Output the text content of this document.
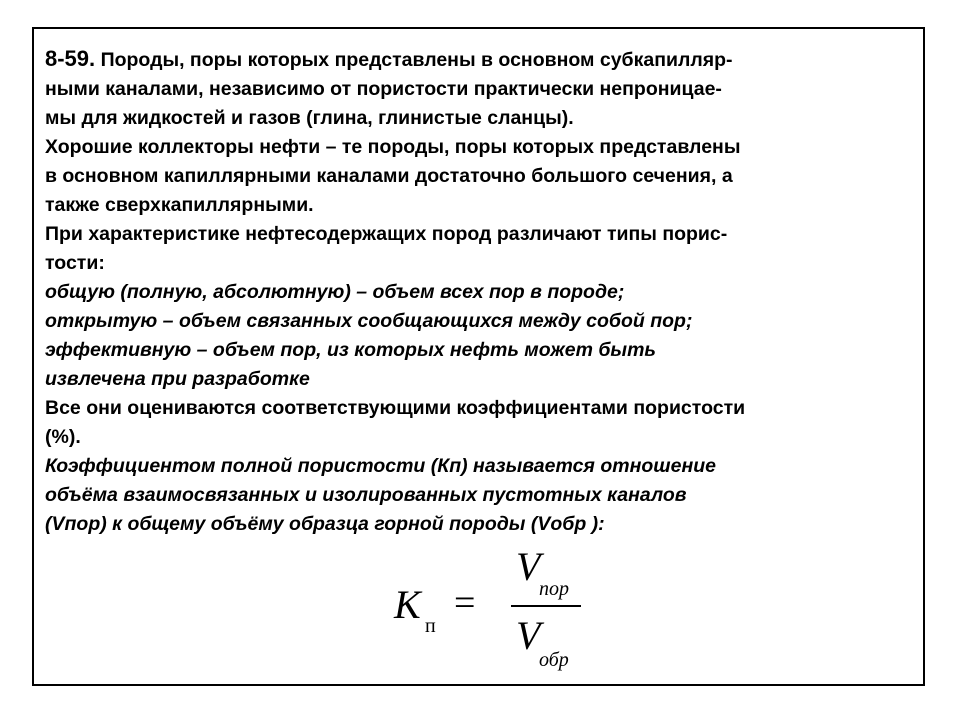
8-59. Породы, поры которых представлены в основном субкапилляр-

ными каналами, независимо от пористости практически непроницае-

мы для жидкостей и газов (глина, глинистые сланцы).

Хорошие коллекторы нефти – те породы, поры которых представлены

в основном капиллярными каналами достаточно большого сечения, а

также сверхкапиллярными.

При характеристике нефтесодержащих пород различают типы порис-

тости:

общую (полную, абсолютную) – объем всех пор в породе;

открытую – объем связанных сообщающихся между собой пор;

эффективную – объем пор, из которых нефть может быть

извлечена при разработке

Все они оцениваются соответствующими коэффициентами пористости

(%).

Коэффициентом полной пористости (Кп) называется отношение

объёма взаимосвязанных и изолированных пустотных каналов

(Vпор) к общему объёму образца горной породы (Vобр ):

К п
=
V
пор
V
обр
